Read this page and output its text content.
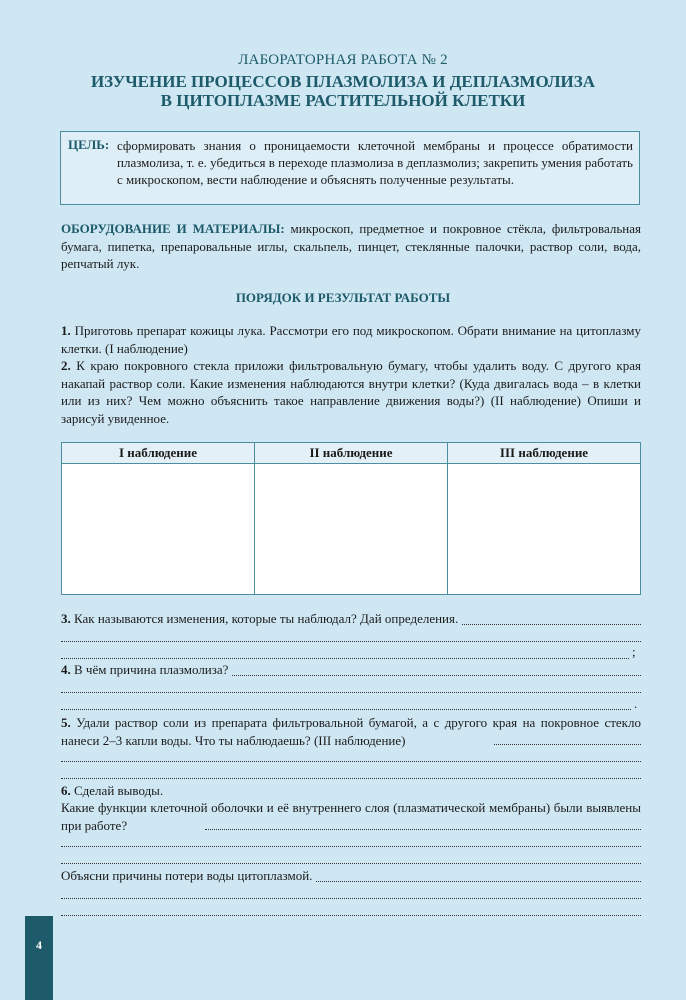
ЛАБОРАТОРНАЯ РАБОТА № 2
ИЗУЧЕНИЕ ПРОЦЕССОВ ПЛАЗМОЛИЗА И ДЕПЛАЗМОЛИЗА
В ЦИТОПЛАЗМЕ РАСТИТЕЛЬНОЙ КЛЕТКИ
ЦЕЛЬ: сформировать знания о проницаемости клеточной мембраны и процессе обратимости плазмолиза, т. е. убедиться в переходе плазмолиза в деплазмолиз; закрепить умения работать с микроскопом, вести наблюдение и объяснять полученные результаты.
ОБОРУДОВАНИЕ И МАТЕРИАЛЫ: микроскоп, предметное и покровное стёкла, фильтровальная бумага, пипетка, препаровальные иглы, скальпель, пинцет, стеклянные палочки, раствор соли, вода, репчатый лук.
ПОРЯДОК И РЕЗУЛЬТАТ РАБОТЫ
1. Приготовь препарат кожицы лука. Рассмотри его под микроскопом. Обрати внимание на цитоплазму клетки. (I наблюдение)
2. К краю покровного стекла приложи фильтровальную бумагу, чтобы удалить воду. С другого края накапай раствор соли. Какие изменения наблюдаются внутри клетки? (Куда двигалась вода – в клетки или из них? Чем можно объяснить такое направление движения воды?) (II наблюдение) Опиши и зарисуй увиденное.
I наблюдение	II наблюдение	III наблюдение

3. Как называются изменения, которые ты наблюдал? Дай определения.
;
4. В чём причина плазмолиза?
.
5. Удали раствор соли из препарата фильтровальной бумагой, а с другого края на покровное стекло нанеси 2–3 капли воды. Что ты наблюдаешь? (III наблюдение)
6. Сделай выводы.
Какие функции клеточной оболочки и её внутреннего слоя (плазматической мембраны) были выявлены при работе?
Объясни причины потери воды цитоплазмой.
4
